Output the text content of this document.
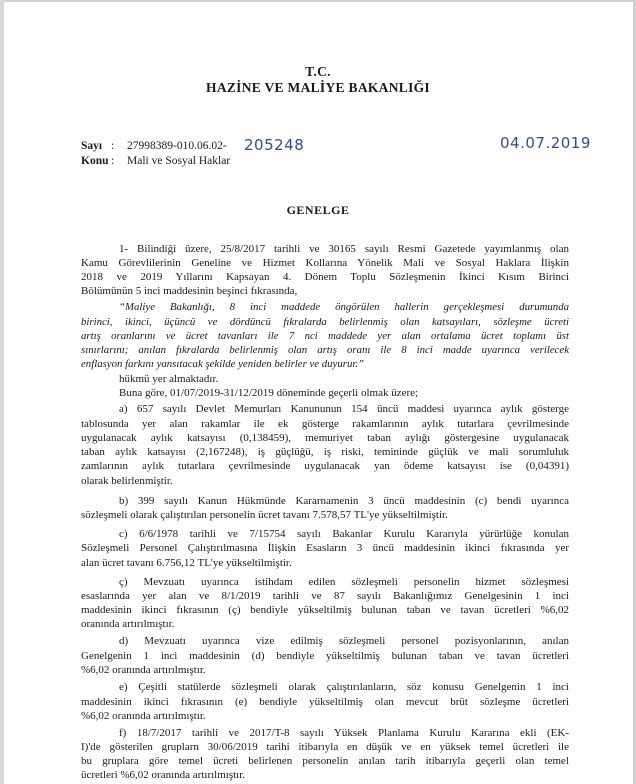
T.C.
HAZİNE VE MALİYE BAKANLIĞI
Sayı : 27998389-010.06.02- 205248	04.07.2019
Konu : Mali ve Sosyal Haklar
GENELGE
1- Bilindiği üzere, 25/8/2017 tarihli ve 30165 sayılı Resmi Gazetede yayımlanmış olan
Kamu Görevlilerinin Geneline ve Hizmet Kollarına Yönelik Mali ve Sosyal Haklara İlişkin
2018 ve 2019 Yıllarını Kapsayan 4. Dönem Toplu Sözleşmenin İkinci Kısım Birinci
Bölümünün 5 inci maddesinin beşinci fıkrasında,
“Maliye Bakanlığı, 8 inci maddede öngörülen hallerin gerçekleşmesi durumunda
birinci, ikinci, üçüncü ve dördüncü fıkralarda belirlenmiş olan katsayıları, sözleşme ücreti
artış oranlarını ve ücret tavanları ile 7 nci maddede yer alan ortalama ücret toplamı üst
sınırlarını; anılan fıkralarda belirlenmiş olan artış oranı ile 8 inci madde uyarınca verilecek
enflasyon farkını yansıtacak şekilde yeniden belirler ve duyurur.”
hükmü yer almaktadır.
Buna göre, 01/07/2019-31/12/2019 döneminde geçerli olmak üzere;
a) 657 sayılı Devlet Memurları Kanununun 154 üncü maddesi uyarınca aylık gösterge
tablosunda yer alan rakamlar ile ek gösterge rakamlarının aylık tutarlara çevrilmesinde
uygulanacak aylık katsayısı (0,138459), memuriyet taban aylığı göstergesine uygulanacak
taban aylık katsayısı (2,167248), iş güçlüğü, iş riski, temininde güçlük ve mali sorumluluk
zamlarının aylık tutarlara çevrilmesinde uygulanacak yan ödeme katsayısı ise (0,04391)
olarak belirlenmiştir.
b) 399 sayılı Kanun Hükmünde Kararnamenin 3 üncü maddesinin (c) bendi uyarınca
sözleşmeli olarak çalıştırılan personelin ücret tavanı 7.578,57 TL'ye yükseltilmiştir.
c) 6/6/1978 tarihli ve 7/15754 sayılı Bakanlar Kurulu Kararıyla yürürlüğe konulan
Sözleşmeli Personel Çalıştırılmasına İlişkin Esasların 3 üncü maddesinin ikinci fıkrasında yer
alan ücret tavanı 6.756,12 TL'ye yükseltilmiştir.
ç) Mevzuatı uyarınca istihdam edilen sözleşmeli personelin hizmet sözleşmesi
esaslarında yer alan ve 8/1/2019 tarihli ve 87 sayılı Bakanlığımız Genelgesinin 1 inci
maddesinin ikinci fıkrasının (ç) bendiyle yükseltilmiş bulunan taban ve tavan ücretleri %6,02
oranında artırılmıştır.
d) Mevzuatı uyarınca vize edilmiş sözleşmeli personel pozisyonlarının, anılan
Genelgenin 1 inci maddesinin (d) bendiyle yükseltilmiş bulunan taban ve tavan ücretleri
%6,02 oranında artırılmıştır.
e) Çeşitli statülerde sözleşmeli olarak çalıştırılanların, söz konusu Genelgenin 1 inci
maddesinin ikinci fıkrasının (e) bendiyle yükseltilmiş olan mevcut brüt sözleşme ücretleri
%6,02 oranında artırılmıştır.
f) 18/7/2017 tarihli ve 2017/T-8 sayılı Yüksek Planlama Kurulu Kararına ekli (EK-
I)'de gösterilen gruplarn 30/06/2019 tarihi itibarıyla en düşük ve en yüksek temel ücretleri ile
bu gruplara göre temel ücreti belirlenen personelin anılan tarih itibarıyla geçerli olan temel
ücretleri %6,02 oranında artırılmıştır.
